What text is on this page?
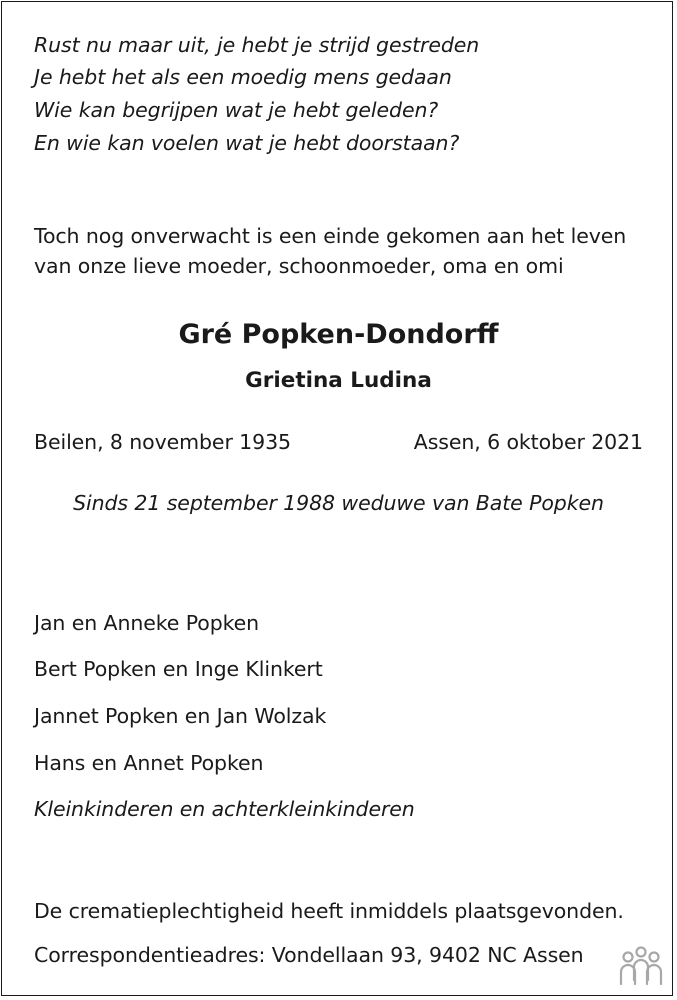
Rust nu maar uit, je hebt je strijd gestreden
Je hebt het als een moedig mens gedaan
Wie kan begrijpen wat je hebt geleden?
En wie kan voelen wat je hebt doorstaan?
Toch nog onverwacht is een einde gekomen aan het leven
van onze lieve moeder, schoonmoeder, oma en omi
Gré Popken-Dondorff
Grietina Ludina
Beilen, 8 november 1935	Assen, 6 oktober 2021
Sinds 21 september 1988 weduwe van Bate Popken
Jan en Anneke Popken
Bert Popken en Inge Klinkert
Jannet Popken en Jan Wolzak
Hans en Annet Popken
Kleinkinderen en achterkleinkinderen
De crematieplechtigheid heeft inmiddels plaatsgevonden.
Correspondentieadres: Vondellaan 93, 9402 NC Assen
